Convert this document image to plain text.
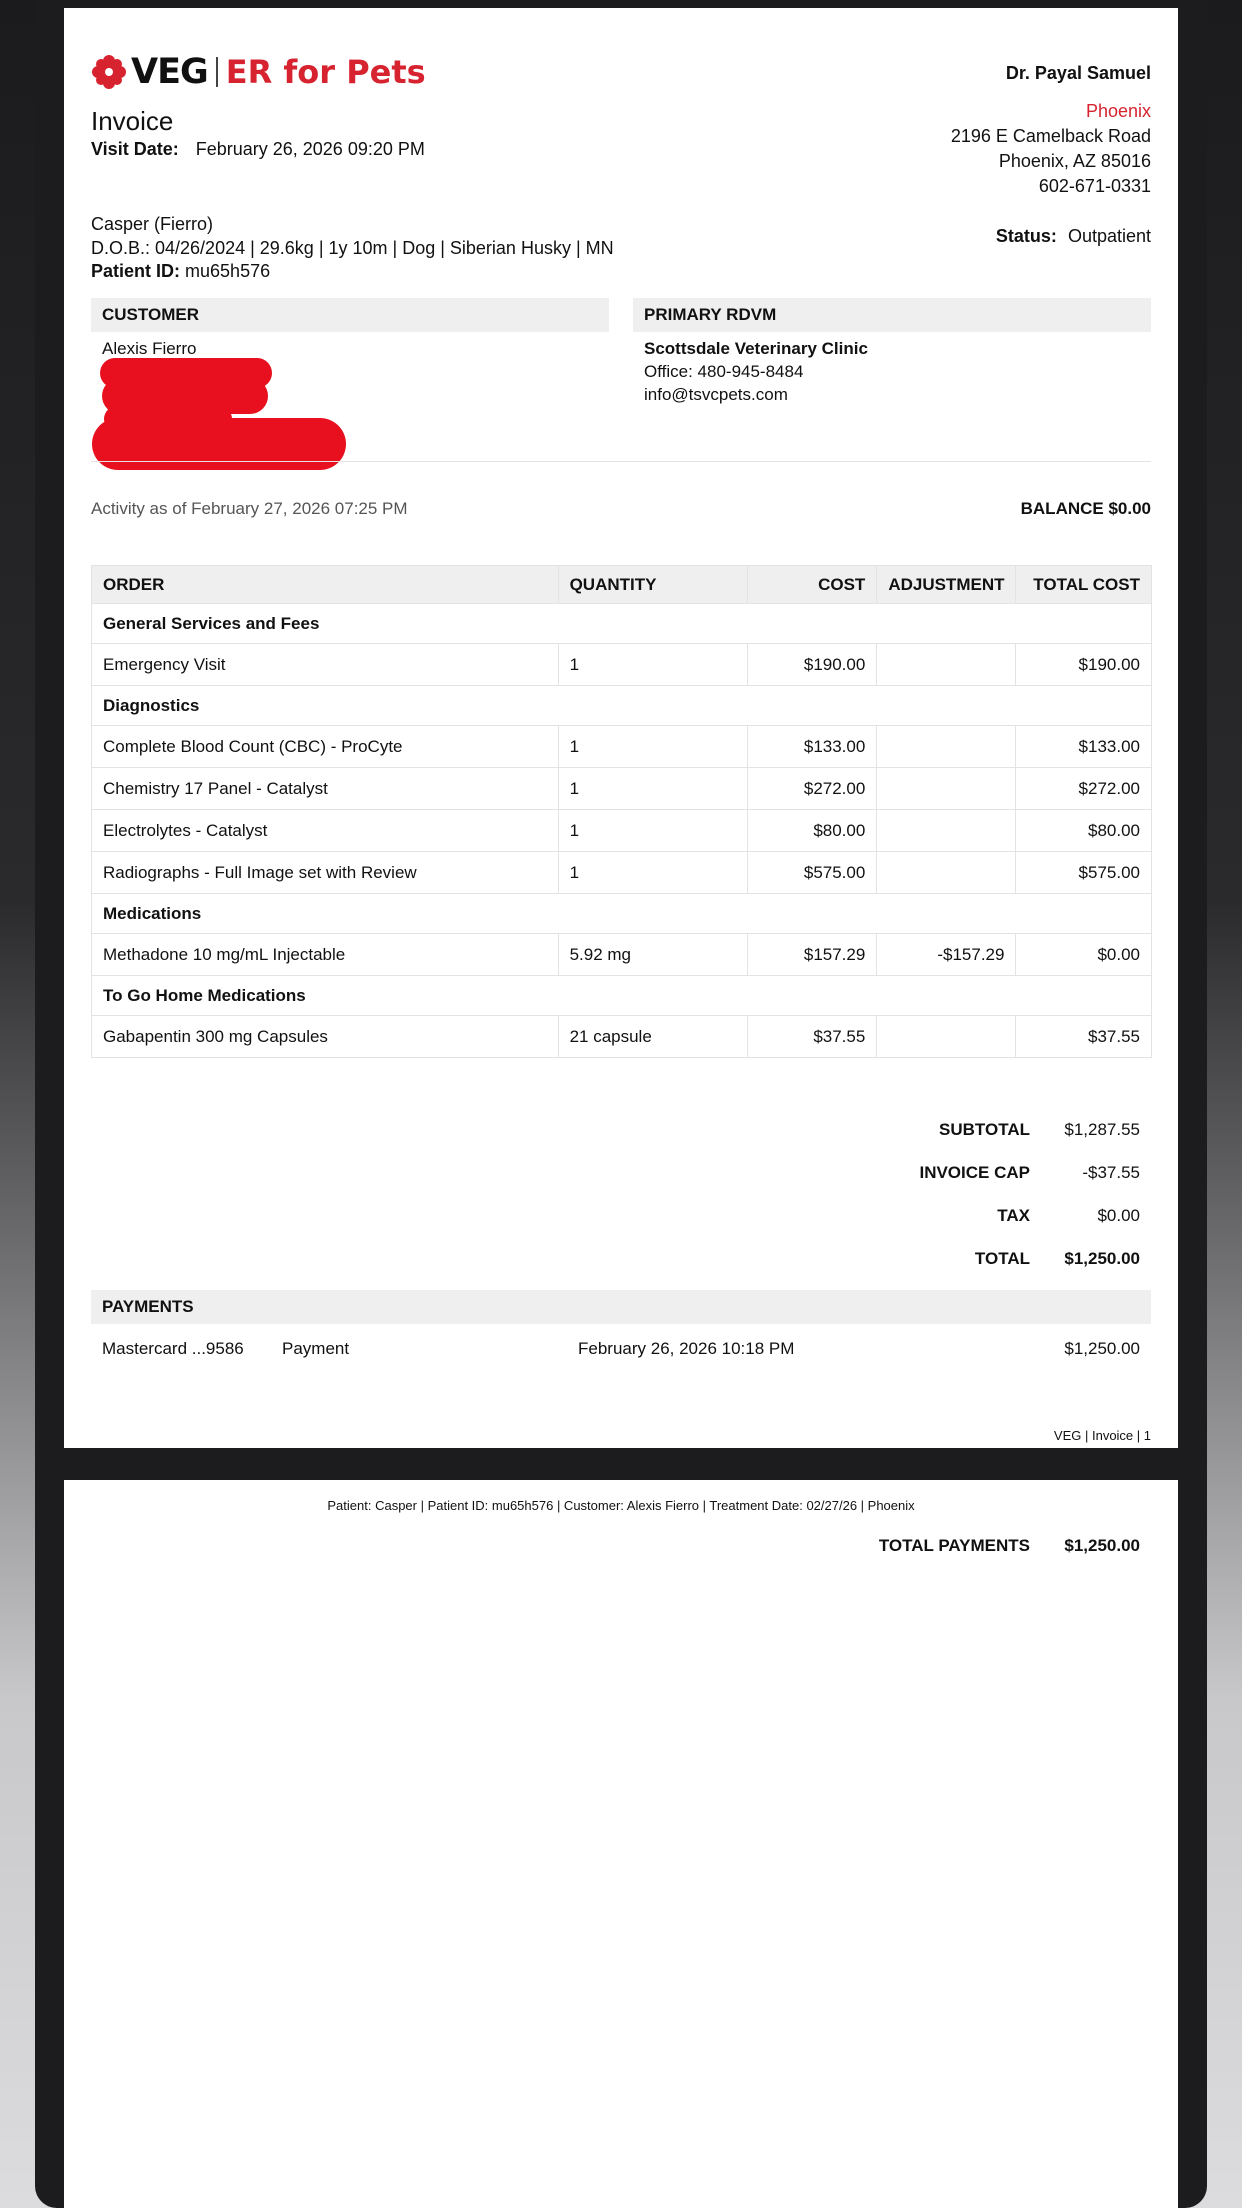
VEG ER for Pets
Invoice
Visit Date: February 26, 2026 09:20 PM
Dr. Payal Samuel
Phoenix
2196 E Camelback Road
Phoenix, AZ 85016
602-671-0331
Casper (Fierro)
D.O.B.: 04/26/2024 | 29.6kg | 1y 10m | Dog | Siberian Husky | MN
Patient ID: mu65h576
Status: Outpatient
CUSTOMER	PRIMARY RDVM
Alexis Fierro	Scottsdale Veterinary Clinic
Office: 480-945-8484
info@tsvcpets.com
Activity as of February 27, 2026 07:25 PM	BALANCE $0.00
ORDER	QUANTITY	COST	ADJUSTMENT	TOTAL COST
General Services and Fees				
Emergency Visit	1	$190.00		$190.00
Diagnostics				
Complete Blood Count (CBC) - ProCyte	1	$133.00		$133.00
Chemistry 17 Panel - Catalyst	1	$272.00		$272.00
Electrolytes - Catalyst	1	$80.00		$80.00
Radiographs - Full Image set with Review	1	$575.00		$575.00
Medications				
Methadone 10 mg/mL Injectable	5.92 mg	$157.29	-$157.29	$0.00
To Go Home Medications				
Gabapentin 300 mg Capsules	21 capsule	$37.55		$37.55
SUBTOTAL $1,287.55
INVOICE CAP	-$37.55
TAX	$0.00
TOTAL $1,250.00
PAYMENTS
Mastercard ...9586 Payment	February 26, 2026 10:18 PM	$1,250.00
VEG | Invoice | 1
Patient: Casper | Patient ID: mu65h576 | Customer: Alexis Fierro | Treatment Date: 02/27/26 | Phoenix
TOTAL PAYMENTS $1,250.00
